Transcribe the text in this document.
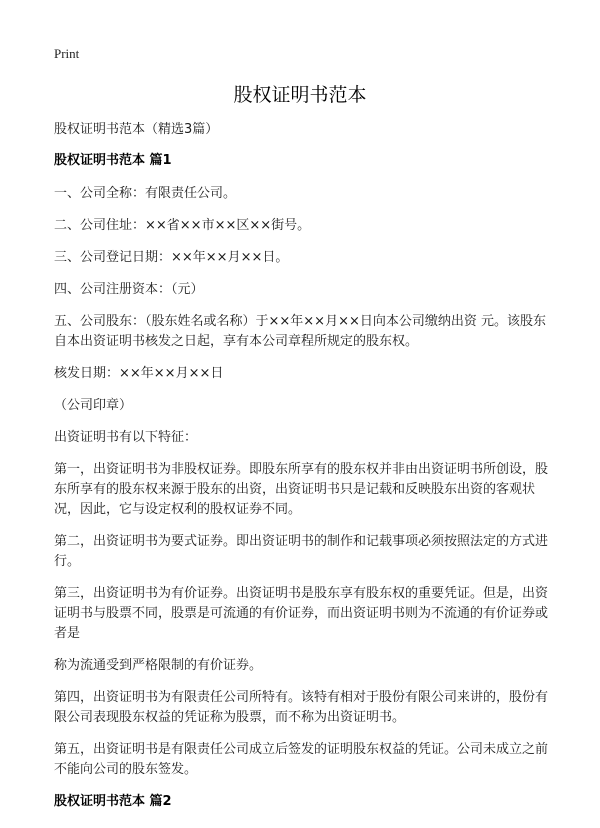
Print
股权证明书范本

股权证明书范本（精选3篇）

股权证明书范本 篇1

一、公司全称：有限责任公司。

二、公司住址：××省××市××区××街号。

三、公司登记日期：××年××月××日。

四、公司注册资本：（元）

五、公司股东：（股东姓名或名称）于××年××月××日向本公司缴纳出资 元。该股东自本出资证明书核发之日起，享有本公司章程所规定的股东权。

核发日期：××年××月××日

（公司印章）

出资证明书有以下特征：

第一，出资证明书为非股权证券。即股东所享有的股东权并非由出资证明书所创设，股东所享有的股东权来源于股东的出资，出资证明书只是记载和反映股东出资的客观状况，因此，它与设定权利的股权证券不同。

第二，出资证明书为要式证券。即出资证明书的制作和记载事项必须按照法定的方式进行。

第三，出资证明书为有价证券。出资证明书是股东享有股东权的重要凭证。但是，出资证明书与股票不同，股票是可流通的有价证券，而出资证明书则为不流通的有价证券或者是

称为流通受到严格限制的有价证券。

第四，出资证明书为有限责任公司所特有。该特有相对于股份有限公司来讲的，股份有限公司表现股东权益的凭证称为股票，而不称为出资证明书。

第五，出资证明书是有限责任公司成立后签发的证明股东权益的凭证。公司未成立之前不能向公司的股东签发。

股权证明书范本 篇2
